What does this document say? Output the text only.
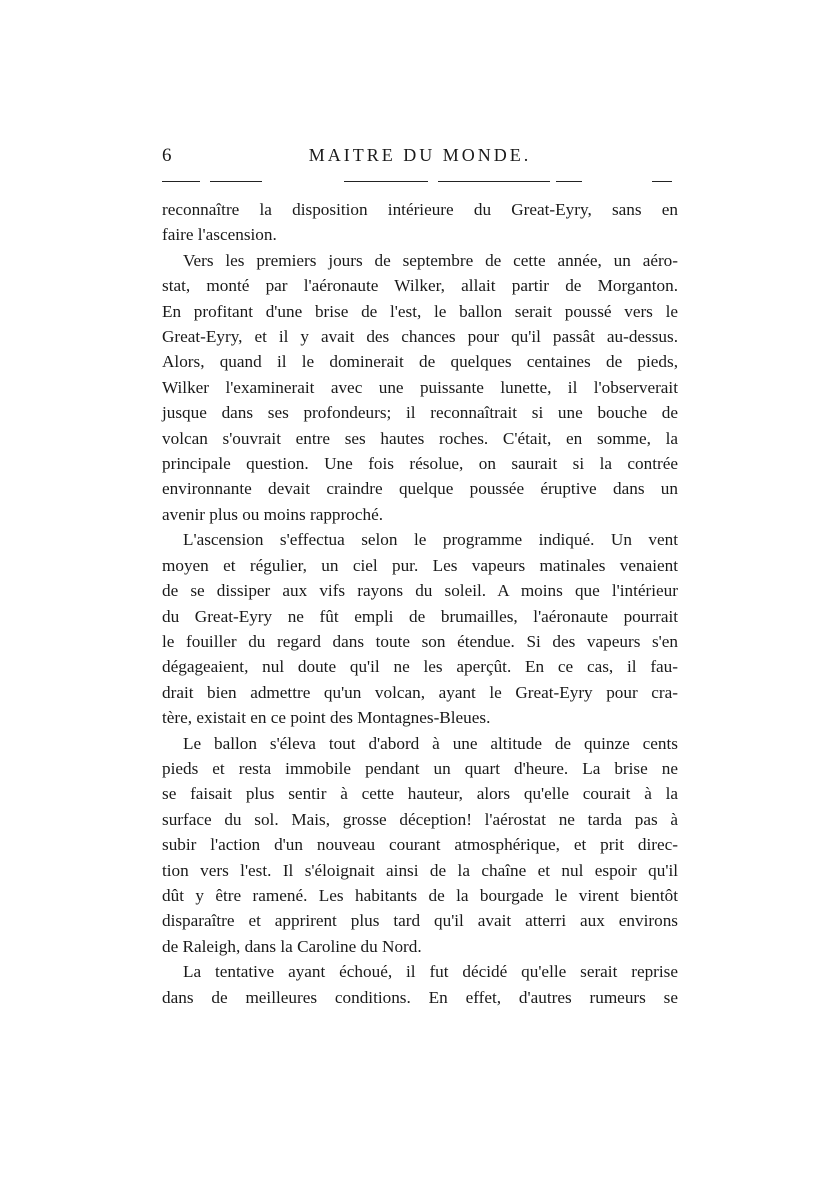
6	MAITRE DU MONDE.
reconnaître la disposition intérieure du Great-Eyry, sans en
faire l'ascension.
Vers les premiers jours de septembre de cette année, un aéro-
stat, monté par l'aéronaute Wilker, allait partir de Morganton.
En profitant d'une brise de l'est, le ballon serait poussé vers le
Great-Eyry, et il y avait des chances pour qu'il passât au-dessus.
Alors, quand il le dominerait de quelques centaines de pieds,
Wilker l'examinerait avec une puissante lunette, il l'observerait
jusque dans ses profondeurs; il reconnaîtrait si une bouche de
volcan s'ouvrait entre ses hautes roches. C'était, en somme, la
principale question. Une fois résolue, on saurait si la contrée
environnante devait craindre quelque poussée éruptive dans un
avenir plus ou moins rapproché.
L'ascension s'effectua selon le programme indiqué. Un vent
moyen et régulier, un ciel pur. Les vapeurs matinales venaient
de se dissiper aux vifs rayons du soleil. A moins que l'intérieur
du Great-Eyry ne fût empli de brumailles, l'aéronaute pourrait
le fouiller du regard dans toute son étendue. Si des vapeurs s'en
dégageaient, nul doute qu'il ne les aperçût. En ce cas, il fau-
drait bien admettre qu'un volcan, ayant le Great-Eyry pour cra-
tère, existait en ce point des Montagnes-Bleues.
Le ballon s'éleva tout d'abord à une altitude de quinze cents
pieds et resta immobile pendant un quart d'heure. La brise ne
se faisait plus sentir à cette hauteur, alors qu'elle courait à la
surface du sol. Mais, grosse déception! l'aérostat ne tarda pas à
subir l'action d'un nouveau courant atmosphérique, et prit direc-
tion vers l'est. Il s'éloignait ainsi de la chaîne et nul espoir qu'il
dût y être ramené. Les habitants de la bourgade le virent bientôt
disparaître et apprirent plus tard qu'il avait atterri aux environs
de Raleigh, dans la Caroline du Nord.
La tentative ayant échoué, il fut décidé qu'elle serait reprise
dans de meilleures conditions. En effet, d'autres rumeurs se
